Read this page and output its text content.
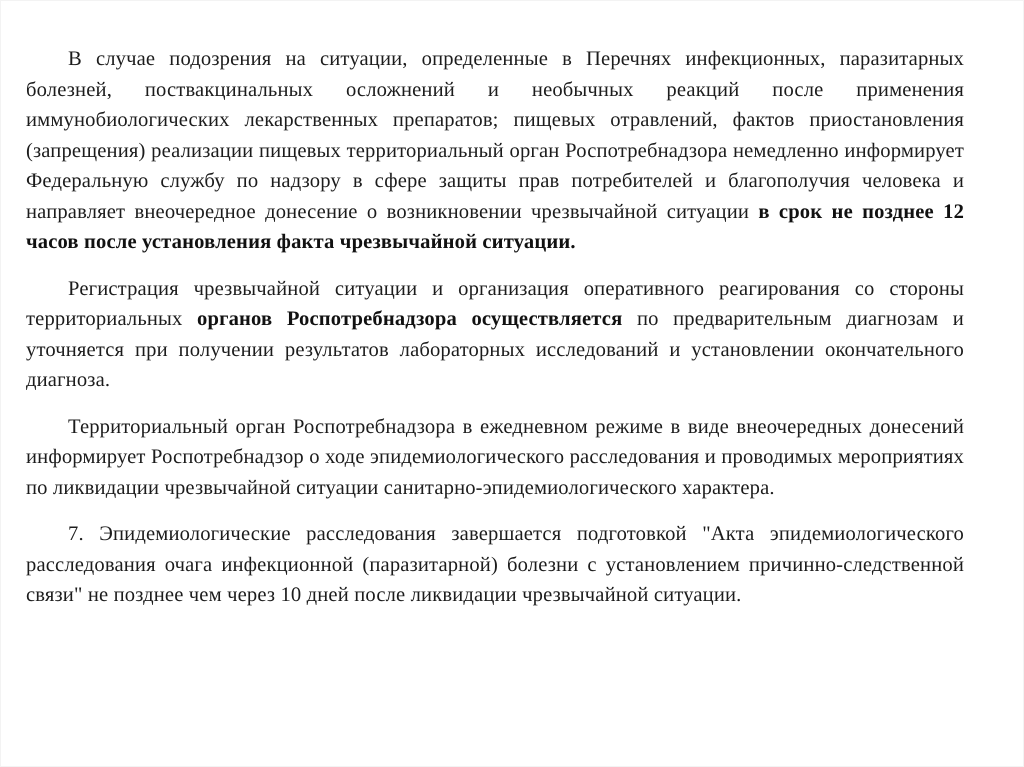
В случае подозрения на ситуации, определенные в Перечнях инфекционных, паразитарных болезней, поствакцинальных осложнений и необычных реакций после применения иммунобиологических лекарственных препаратов; пищевых отравлений, фактов приостановления (запрещения) реализации пищевых территориальный орган Роспотребнадзора немедленно информирует Федеральную службу по надзору в сфере защиты прав потребителей и благополучия человека и направляет внеочередное донесение о возникновении чрезвычайной ситуации в срок не позднее 12 часов после установления факта чрезвычайной ситуации.

Регистрация чрезвычайной ситуации и организация оперативного реагирования со стороны территориальных органов Роспотребнадзора осуществляется по предварительным диагнозам и уточняется при получении результатов лабораторных исследований и установлении окончательного диагноза.

Территориальный орган Роспотребнадзора в ежедневном режиме в виде внеочередных донесений информирует Роспотребнадзор о ходе эпидемиологического расследования и проводимых мероприятиях по ликвидации чрезвычайной ситуации санитарно-эпидемиологического характера.

7. Эпидемиологические расследования завершается подготовкой "Акта эпидемиологического расследования очага инфекционной (паразитарной) болезни с установлением причинно-следственной связи" не позднее чем через 10 дней после ликвидации чрезвычайной ситуации.
